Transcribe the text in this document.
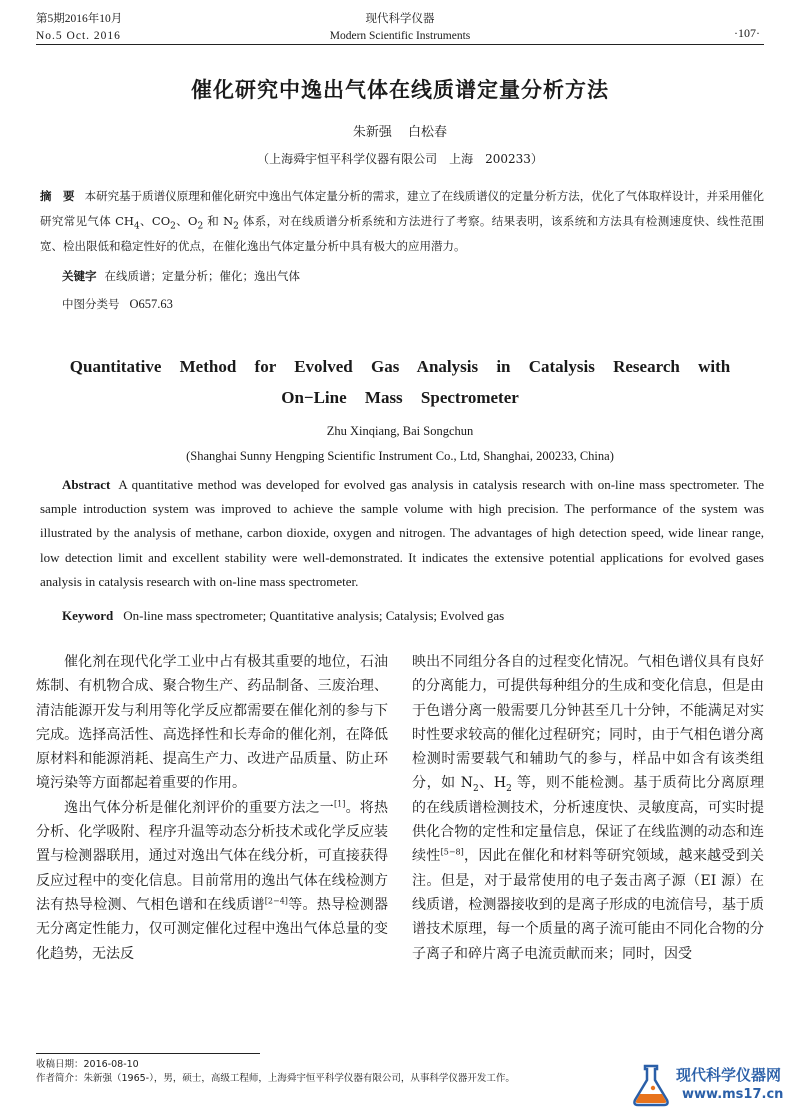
第5期2016年10月
No.5 Oct. 2016
现代科学仪器
Modern Scientific Instruments	·107·
催化研究中逸出气体在线质谱定量分析方法
朱新强 白松春
（上海舜宇恒平科学仪器有限公司　上海　200233）
摘　要 本研究基于质谱仪原理和催化研究中逸出气体定量分析的需求，建立了在线质谱仪的定量分析方法，优化了气体取样设计，并采用催化研究常见气体 $CH_4$、$CO_2$、$O_2$ 和 $N_2$ 体系，对在线质谱分析系统和方法进行了考察。结果表明，该系统和方法具有检测速度快、线性范围宽、检出限低和稳定性好的优点，在催化逸出气体定量分析中具有极大的应用潜力。
关键字 在线质谱；定量分析；催化；逸出气体
中图分类号 O657.63
Quantitative Method for Evolved Gas Analysis in Catalysis Research with
On−Line Mass Spectrometer
Zhu Xinqiang, Bai Songchun
(Shanghai Sunny Hengping Scientific Instrument Co., Ltd, Shanghai, 200233, China)
Abstract A quantitative method was developed for evolved gas analysis in catalysis research with on-line mass spectrometer. The sample introduction system was improved to achieve the sample volume with high precision. The performance of the system was illustrated by the analysis of methane, carbon dioxide, oxygen and nitrogen. The advantages of high detection speed, wide linear range, low detection limit and excellent stability were well-demonstrated. It indicates the extensive potential applications for evolved gases analysis in catalysis research with on-line mass spectrometer.
Keyword On-line mass spectrometer; Quantitative analysis; Catalysis; Evolved gas

催化剂在现代化学工业中占有极其重要的地位，石油炼制、有机物合成、聚合物生产、药品制备、三废治理、清洁能源开发与利用等化学反应都需要在催化剂的参与下完成。选择高活性、高选择性和长寿命的催化剂，在降低原材料和能源消耗、提高生产力、改进产品质量、防止环境污染等方面都起着重要的作用。

逸出气体分析是催化剂评价的重要方法之一[1]。将热分析、化学吸附、程序升温等动态分析技术或化学反应装置与检测器联用，通过对逸出气体在线分析，可直接获得反应过程中的变化信息。目前常用的逸出气体在线检测方法有热导检测、气相色谱和在线质谱[2−4]等。热导检测器无分离定性能力，仅可测定催化过程中逸出气体总量的变化趋势，无法反

映出不同组分各自的过程变化情况。气相色谱仪具有良好的分离能力，可提供每种组分的生成和变化信息，但是由于色谱分离一般需要几分钟甚至几十分钟，不能满足对实时性要求较高的催化过程研究；同时，由于气相色谱分离检测时需要载气和辅助气的参与，样品中如含有该类组分，如 $N_2$、$H_2$ 等，则不能检测。基于质荷比分离原理的在线质谱检测技术，分析速度快、灵敏度高，可实时提供化合物的定性和定量信息，保证了在线监测的动态和连续性[5−8]，因此在催化和材料等研究领域，越来越受到关注。但是，对于最常使用的电子轰击离子源（EI 源）在线质谱，检测器接收到的是离子形成的电流信号，基于质谱技术原理，每一个质量的离子流可能由不同化合物的分子离子和碎片离子电流贡献而来；同时，因受

收稿日期：2016-08-10
作者简介：朱新强（1965-），男，硕士，高级工程师，上海舜宇恒平科学仪器有限公司，从事科学仪器开发工作。	现代科学仪器网
www.ms17.cn
